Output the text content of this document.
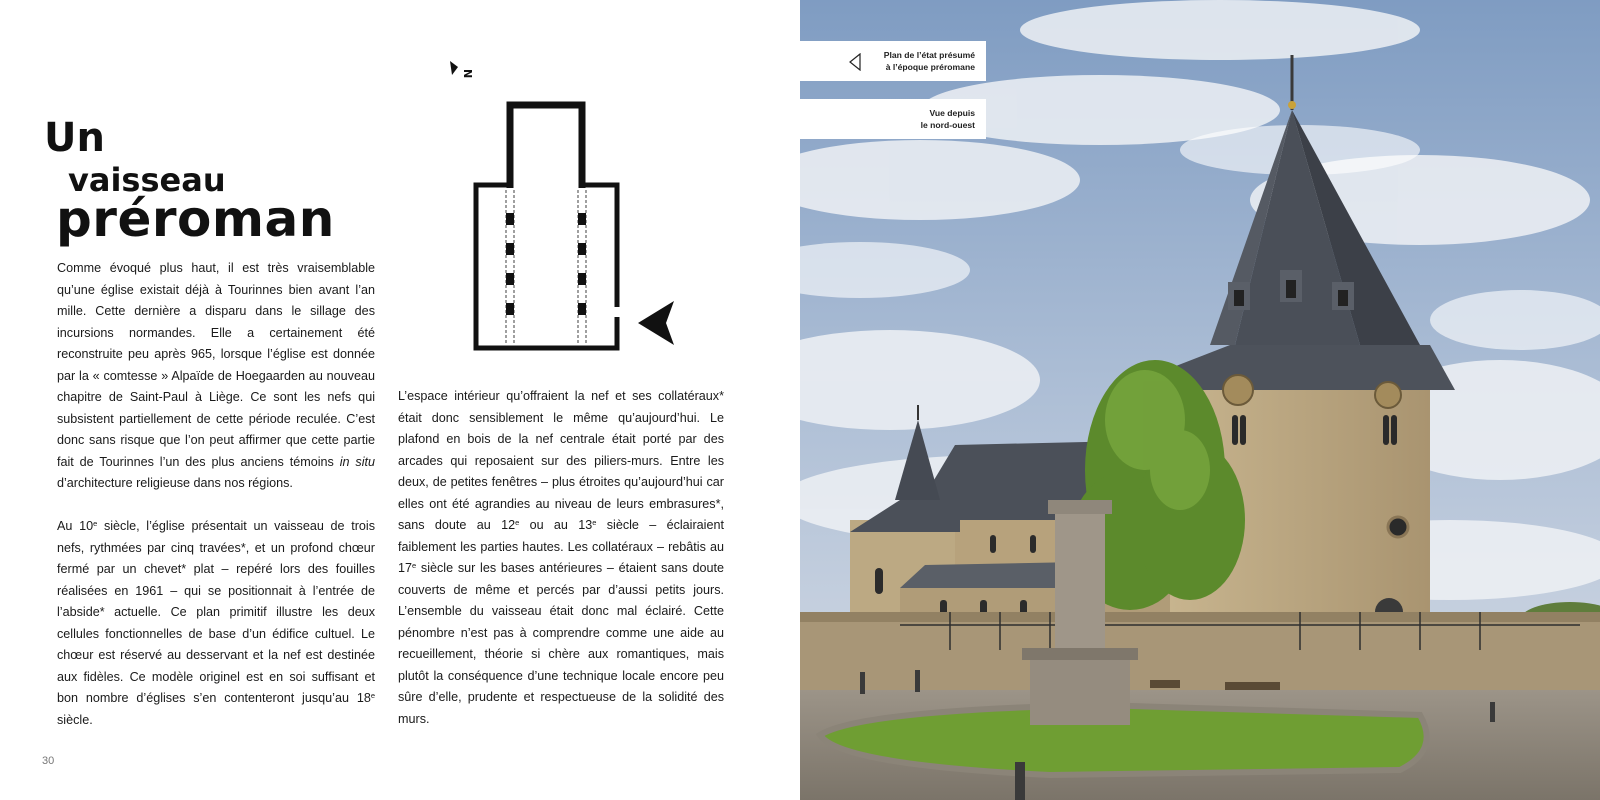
Un
vaisseau
préroman

Comme évoqué plus haut, il est très vraisemblable qu’une église existait déjà à Tourinnes bien avant l’an mille. Cette dernière a disparu dans le sillage des incursions normandes. Elle a certainement été reconstruite peu après 965, lorsque l’église est donnée par la « comtesse » Alpaïde de Hoegaarden au nouveau chapitre de Saint-Paul à Liège. Ce sont les nefs qui subsistent partiellement de cette période reculée. C’est donc sans risque que l’on peut affirmer que cette partie fait de Tourinnes l’un des plus anciens témoins in situ d’architecture religieuse dans nos régions.

Au 10e siècle, l’église présentait un vaisseau de trois nefs, rythmées par cinq travées*, et un profond chœur fermé par un chevet* plat – repéré lors des fouilles réalisées en 1961 – qui se positionnait à l’entrée de l’abside* actuelle. Ce plan primitif illustre les deux cellules fonctionnelles de base d’un édifice cultuel. Le chœur est réservé au desservant et la nef est destinée aux fidèles. Ce modèle originel est en soi suffisant et bon nombre d’églises s’en contenteront jusqu’au 18e siècle.

L’espace intérieur qu’offraient la nef et ses collatéraux* était donc sensiblement le même qu’aujourd’hui. Le plafond en bois de la nef centrale était porté par des arcades qui reposaient sur des piliers-murs. Entre les deux, de petites fenêtres – plus étroites qu’aujourd’hui car elles ont été agrandies au niveau de leurs embrasures*, sans doute au 12e ou au 13e siècle – éclairaient faiblement les parties hautes. Les collatéraux – rebâtis au 17e siècle sur les bases antérieures – étaient sans doute couverts de même et percés par d’aussi petits jours. L’ensemble du vaisseau était donc mal éclairé. Cette pénombre n’est pas à comprendre comme une aide au recueillement, théorie si chère aux romantiques, mais plutôt la conséquence d’une technique locale encore peu sûre d’elle, prudente et respectueuse de la solidité des murs.

N
30
Plan de l’état présumé
à l’époque préromane
Vue depuis
le nord-ouest
